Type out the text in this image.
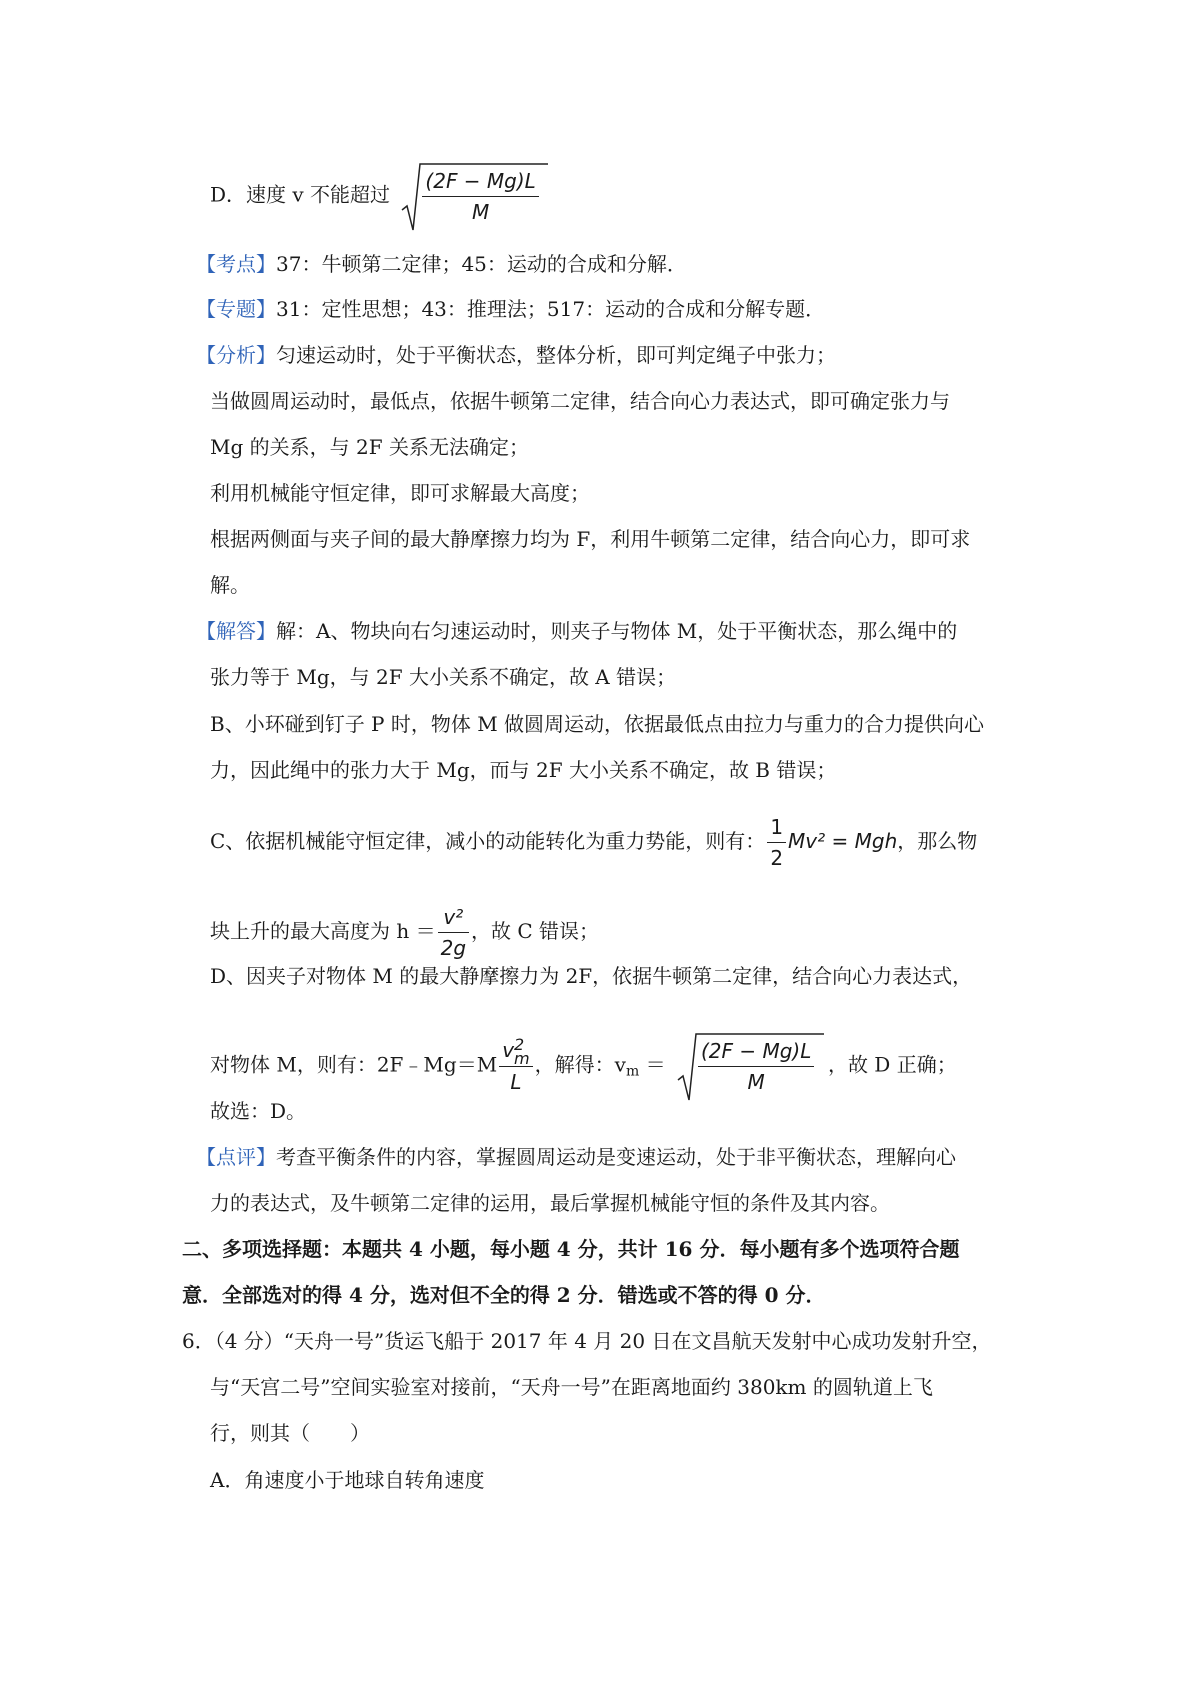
D．速度 v 不能超过 $\frac{(2F - Mg)L}{M}$
【考点】37：牛顿第二定律；45：运动的合成和分解．
【专题】31：定性思想；43：推理法；517：运动的合成和分解专题．
【分析】匀速运动时，处于平衡状态，整体分析，即可判定绳子中张力；
当做圆周运动时，最低点，依据牛顿第二定律，结合向心力表达式，即可确定张力与
Mg 的关系，与 2F 关系无法确定；
利用机械能守恒定律，即可求解最大高度；
根据两侧面与夹子间的最大静摩擦力均为 F，利用牛顿第二定律，结合向心力，即可求
解。
【解答】解：A、物块向右匀速运动时，则夹子与物体 M，处于平衡状态，那么绳中的
张力等于 Mg，与 2F 大小关系不确定，故 A 错误；
B、小环碰到钉子 P 时，物体 M 做圆周运动，依据最低点由拉力与重力的合力提供向心
力，因此绳中的张力大于 Mg，而与 2F 大小关系不确定，故 B 错误；
C、依据机械能守恒定律，减小的动能转化为重力势能，则有： $\frac{1}{2} Mv^2$ = Mgh，那么物
块上升的最大高度为 $h = \frac{\text{v²}}{2g}$ ，故 C 错误；
D、因夹子对物体 M 的最大静摩擦力为 2F，依据牛顿第二定律，结合向心力表达式，
对物体 M，则有：2F﹣Mg＝M v 2
m
L ，解得：$v_m = \frac{(2F - Mg)L}{M}$ ，故 D 正确；
故选：D。
【点评】考查平衡条件的内容，掌握圆周运动是变速运动，处于非平衡状态，理解向心
力的表达式，及牛顿第二定律的运用，最后掌握机械能守恒的条件及其内容。
二、多项选择题：本题共 4 小题，每小题 4 分，共计 16 分．每小题有多个选项符合题
意．全部选对的得 4 分，选对但不全的得 2 分．错选或不答的得 0 分．
6．（4 分）“天舟一号”货运飞船于 2017 年 4 月 20 日在文昌航天发射中心成功发射升空，
与“天宫二号”空间实验室对接前，“天舟一号”在距离地面约 380km 的圆轨道上飞
行，则其（　　）
A．角速度小于地球自转角速度
